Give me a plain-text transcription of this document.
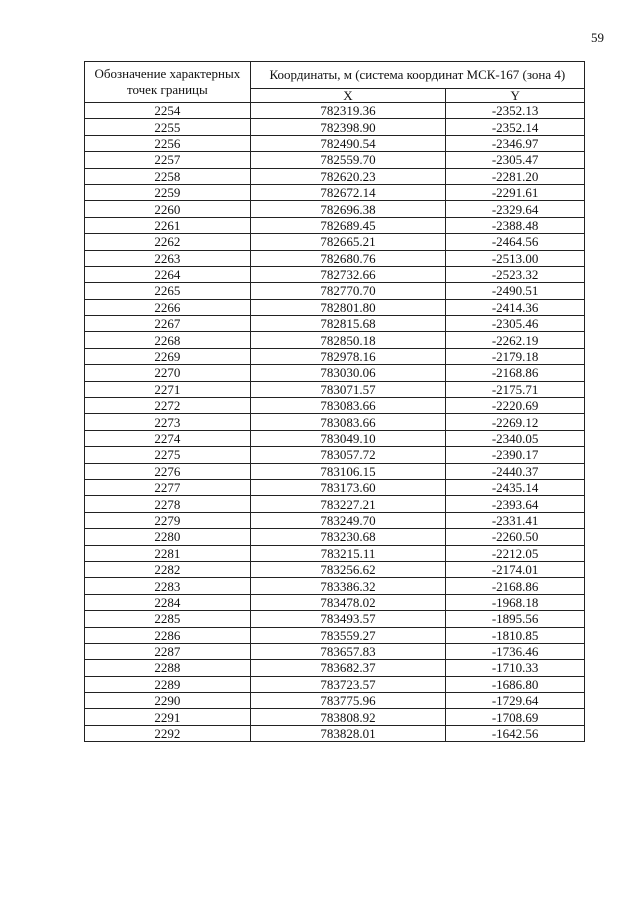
59
Обозначение характерных точек границы	Координаты, м (система координат МСК-167 (зона 4)	
	X	Y
2254	782319.36	-2352.13
2255	782398.90	-2352.14
2256	782490.54	-2346.97
2257	782559.70	-2305.47
2258	782620.23	-2281.20
2259	782672.14	-2291.61
2260	782696.38	-2329.64
2261	782689.45	-2388.48
2262	782665.21	-2464.56
2263	782680.76	-2513.00
2264	782732.66	-2523.32
2265	782770.70	-2490.51
2266	782801.80	-2414.36
2267	782815.68	-2305.46
2268	782850.18	-2262.19
2269	782978.16	-2179.18
2270	783030.06	-2168.86
2271	783071.57	-2175.71
2272	783083.66	-2220.69
2273	783083.66	-2269.12
2274	783049.10	-2340.05
2275	783057.72	-2390.17
2276	783106.15	-2440.37
2277	783173.60	-2435.14
2278	783227.21	-2393.64
2279	783249.70	-2331.41
2280	783230.68	-2260.50
2281	783215.11	-2212.05
2282	783256.62	-2174.01
2283	783386.32	-2168.86
2284	783478.02	-1968.18
2285	783493.57	-1895.56
2286	783559.27	-1810.85
2287	783657.83	-1736.46
2288	783682.37	-1710.33
2289	783723.57	-1686.80
2290	783775.96	-1729.64
2291	783808.92	-1708.69
2292	783828.01	-1642.56
